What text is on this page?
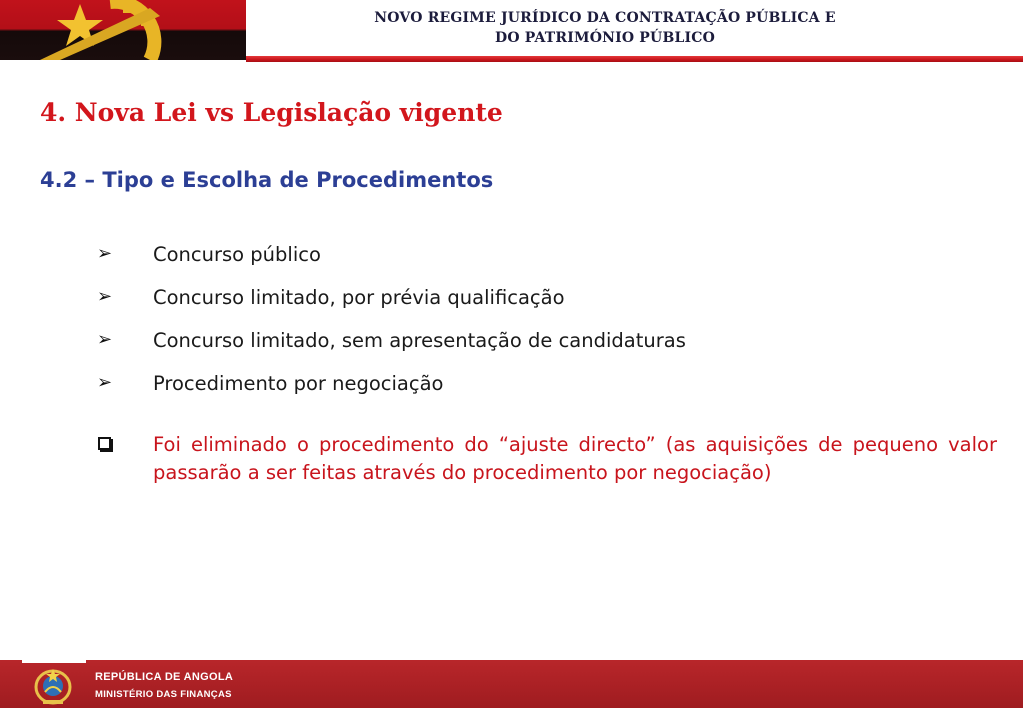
NOVO REGIME JURÍDICO DA CONTRATAÇÃO PÚBLICA E
DO PATRIMÓNIO PÚBLICO
4. Nova Lei vs Legislação vigente
4.2 – Tipo e Escolha de Procedimentos
➢	Concurso público
➢	Concurso limitado, por prévia qualificação
➢	Concurso limitado, sem apresentação de candidaturas
➢	Procedimento por negociação
Foi eliminado o procedimento do “ajuste directo” (as aquisições de pequeno valor passarão a ser feitas através do procedimento por negociação)
REPÚBLICA DE ANGOLA
MINISTÉRIO DAS FINANÇAS
